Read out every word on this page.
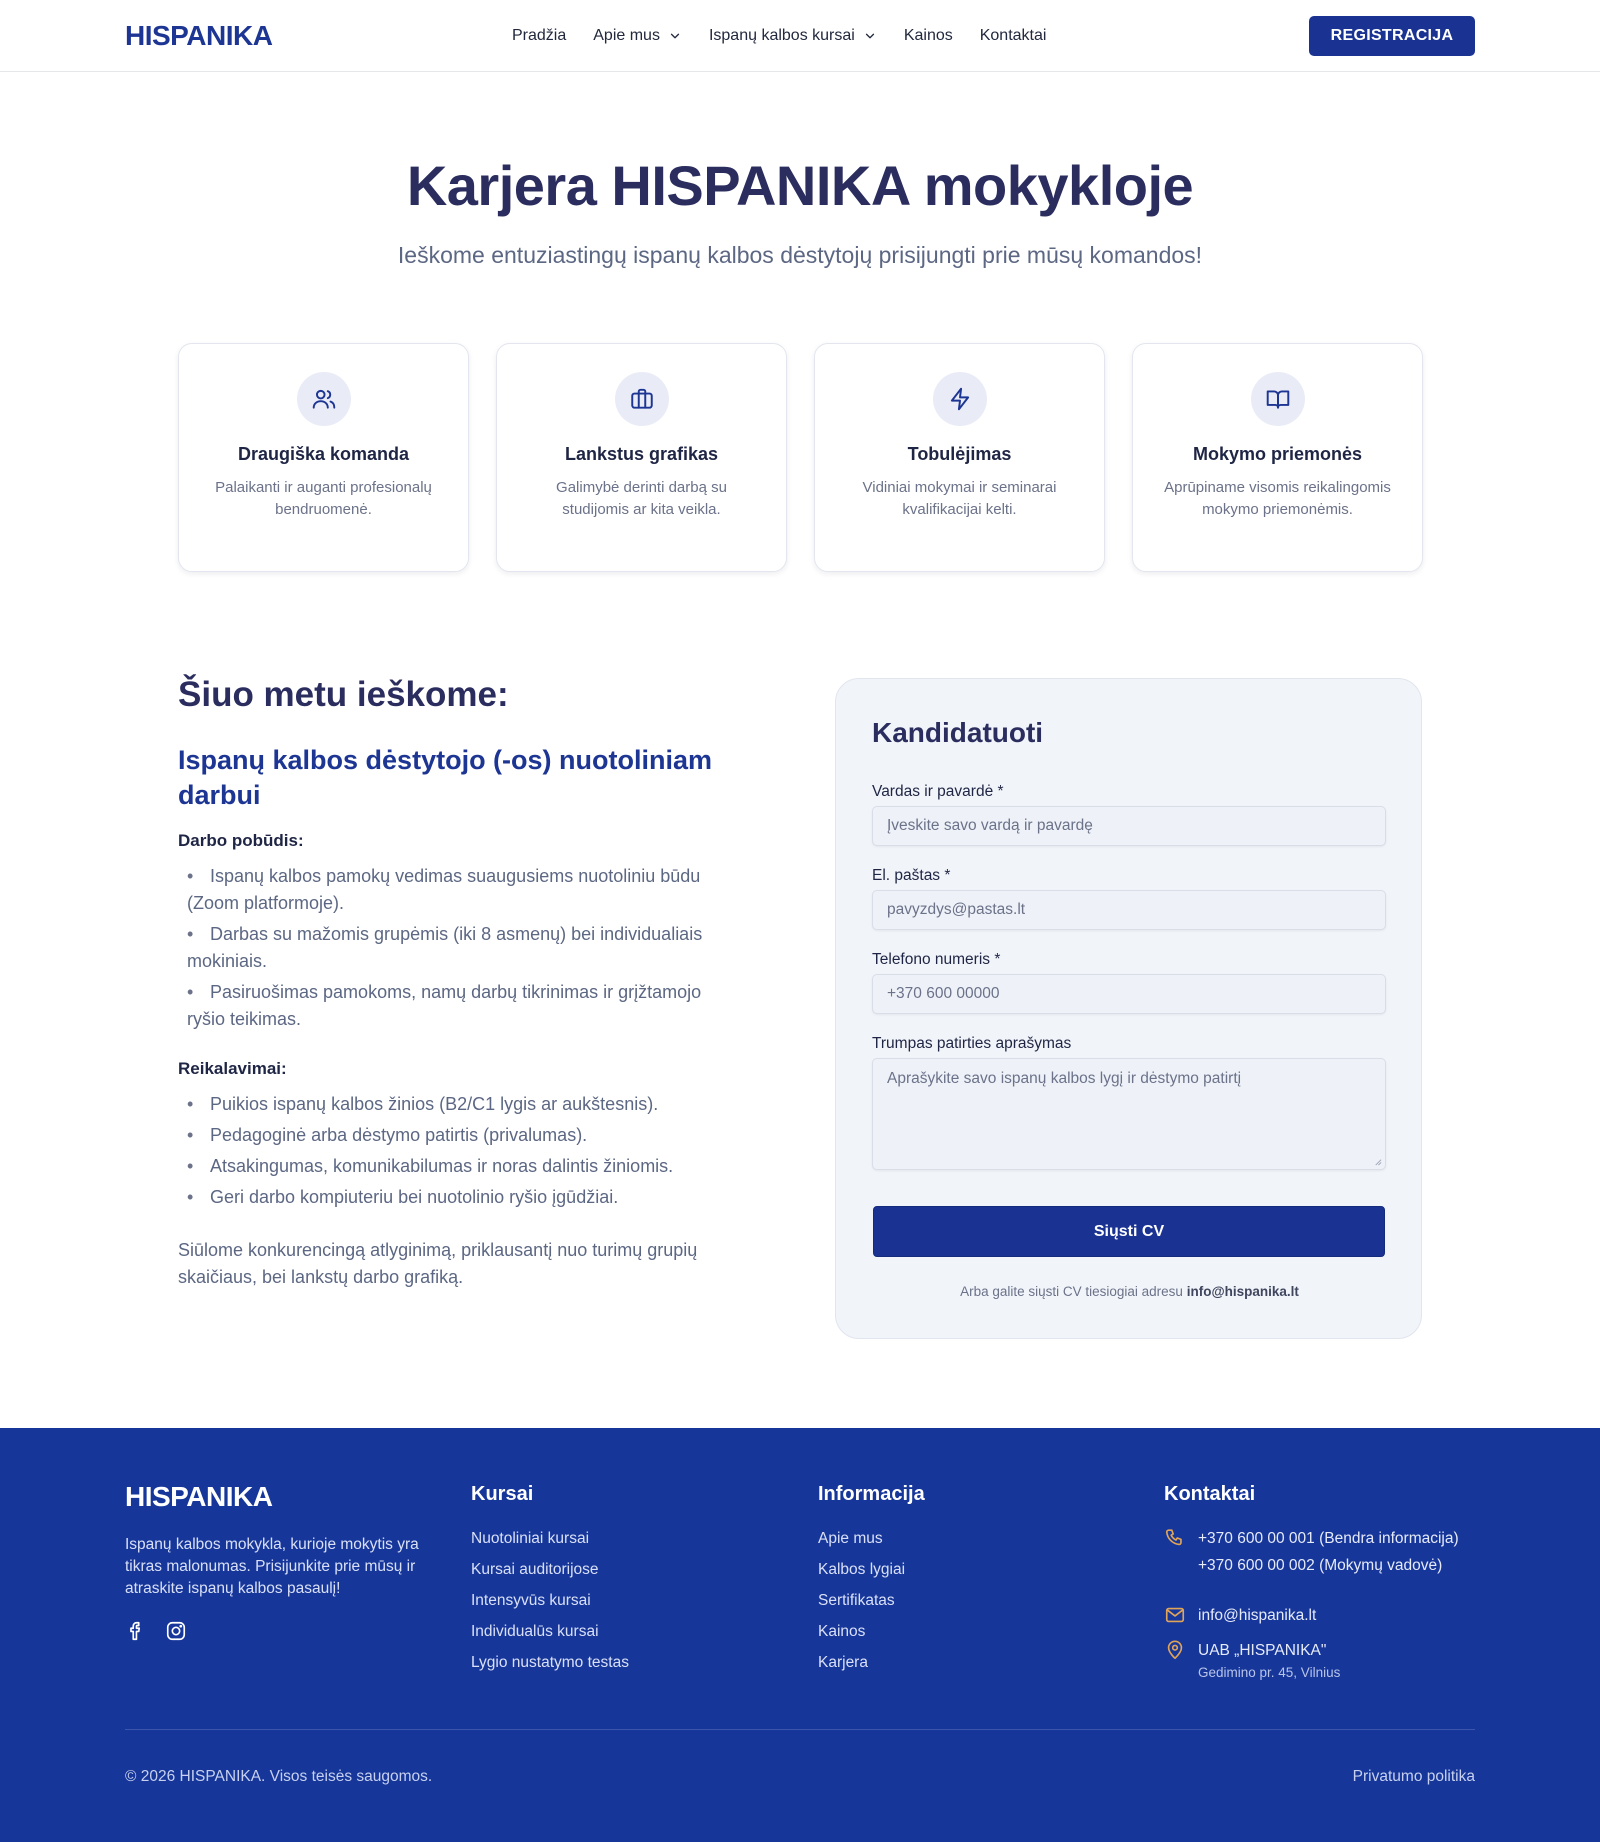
HISPANIKA	Pradžia Apie mus	Ispanų kalbos kursai	Kainos Kontaktai	REGISTRACIJA
Karjera HISPANIKA mokykloje

Ieškome entuziastingų ispanų kalbos dėstytojų prisijungti prie mūsų komandos!

Draugiška komanda
Palaikanti ir auganti profesionalų bendruomenė.
Lankstus grafikas
Galimybė derinti darbą su studijomis ar kita veikla.
Tobulėjimas
Vidiniai mokymai ir seminarai kvalifikacijai kelti.
Mokymo priemonės
Aprūpiname visomis reikalingomis mokymo priemonėmis.
Šiuo metu ieškome:
Ispanų kalbos dėstytojo (-os) nuotoliniam darbui
Darbo pobūdis:
• Ispanų kalbos pamokų vedimas suaugusiems nuotoliniu būdu (Zoom platformoje).
• Darbas su mažomis grupėmis (iki 8 asmenų) bei individualiais mokiniais.
• Pasiruošimas pamokoms, namų darbų tikrinimas ir grįžtamojo ryšio teikimas.
Reikalavimai:
• Puikios ispanų kalbos žinios (B2/C1 lygis ar aukštesnis).
• Pedagoginė arba dėstymo patirtis (privalumas).
• Atsakingumas, komunikabilumas ir noras dalintis žiniomis.
• Geri darbo kompiuteriu bei nuotolinio ryšio įgūdžiai.

Siūlome konkurencingą atlyginimą, priklausantį nuo turimų grupių skaičiaus, bei lankstų darbo grafiką.

Kandidatuoti
Vardas ir pavardė *
Įveskite savo vardą ir pavardę
El. paštas *
pavyzdys@pastas.lt
Telefono numeris *
+370 600 00000
Trumpas patirties aprašymas
Aprašykite savo ispanų kalbos lygį ir dėstymo patirtį
Siųsti CV

Arba galite siųsti CV tiesiogiai adresu info@hispanika.lt

HISPANIKA

Ispanų kalbos mokykla, kurioje mokytis yra tikras malonumas. Prisijunkite prie mūsų ir atraskite ispanų kalbos pasaulį!

Kursai
Nuotoliniai kursai
Kursai auditorijose
Intensyvūs kursai
Individualūs kursai
Lygio nustatymo testas
Informacija
Apie mus
Kalbos lygiai
Sertifikatas
Kainos
Karjera
Kontaktai
+370 600 00 001 (Bendra informacija)
+370 600 00 002 (Mokymų vadovė)
info@hispanika.lt
UAB „HISPANIKA"
Gedimino pr. 45, Vilnius
© 2026 HISPANIKA. Visos teisės saugomos.	Privatumo politika
